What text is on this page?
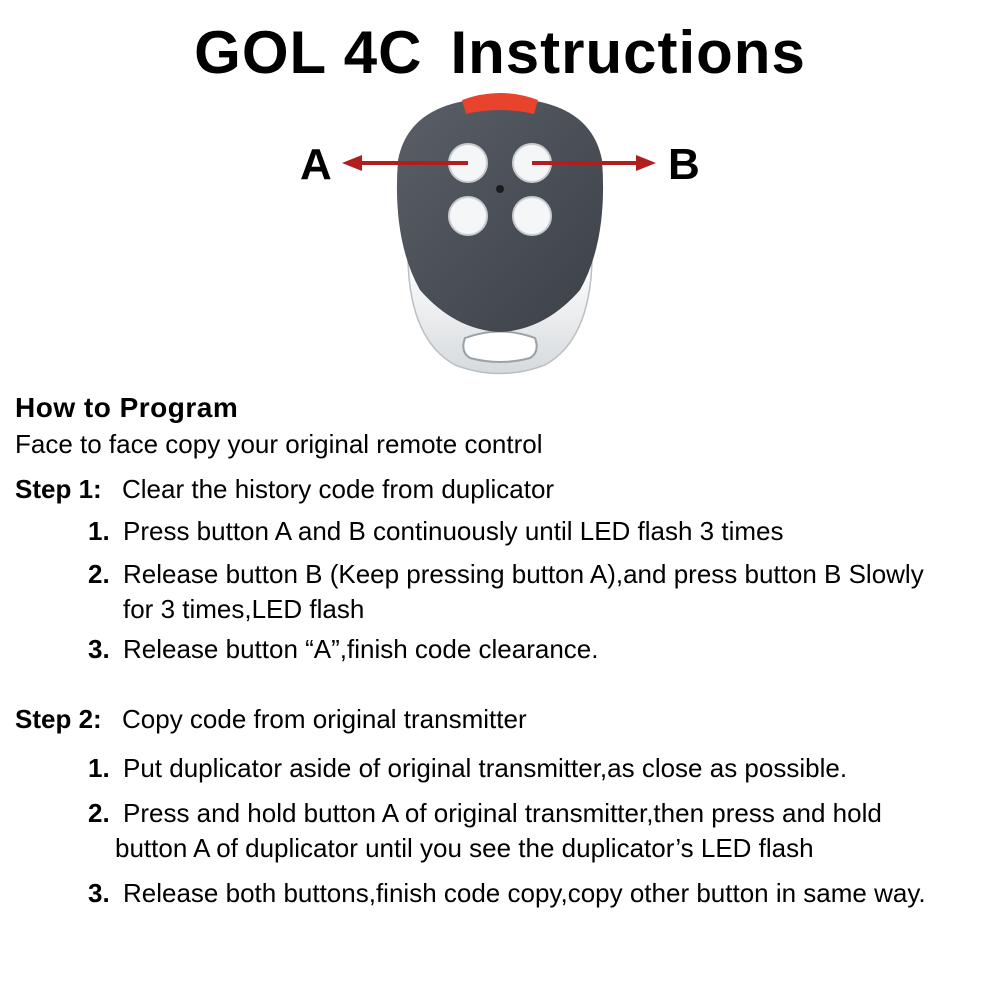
GOL 4C Instructions
A	B
How to Program
Face to face copy your original remote control
Step 1: Clear the history code from duplicator
1. Press button A and B continuously until LED flash 3 times
2. Release button B (Keep pressing button A),and press button B Slowly
for 3 times,LED flash
3. Release button “A”,finish code clearance.
Step 2: Copy code from original transmitter
1. Put duplicator aside of original transmitter,as close as possible.
2. Press and hold button A of original transmitter,then press and hold
button A of duplicator until you see the duplicator’s LED flash
3. Release both buttons,finish code copy,copy other button in same way.
